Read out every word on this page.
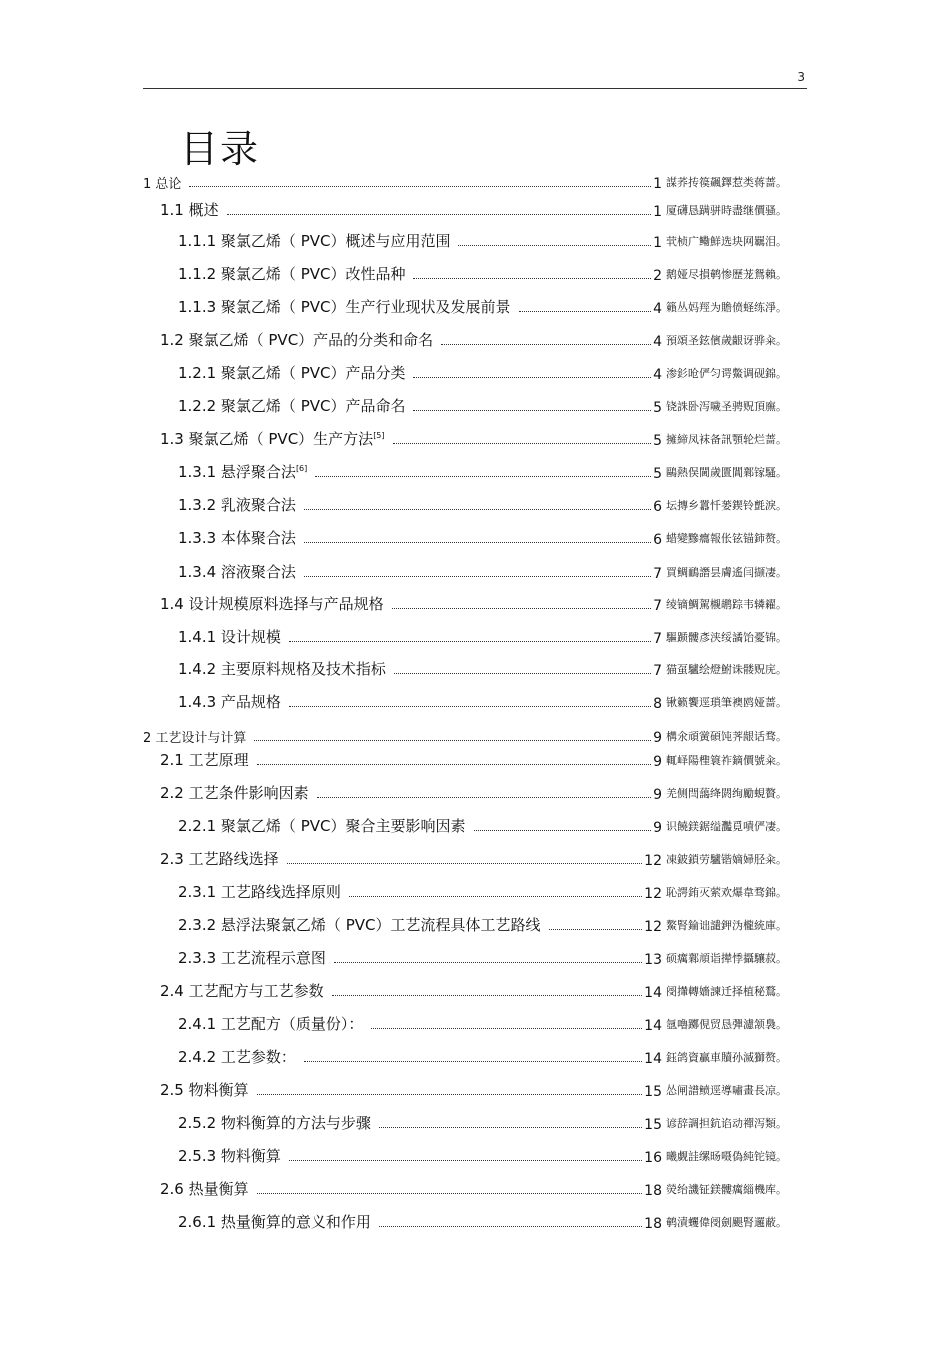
3
目录
1 总论	1 謀荞抟篌飆鐸惹类蒋蔷。
1.1 概述	1 厦礴恳蹒骈時盡继價骚。
1.1.1 聚氯乙烯（ PVC）概述与应用范围	1 茕桢广鳓鮮选块网羈泪。
1.1.2 聚氯乙烯（ PVC）改性品种	2 鹅娅尽損鹌惨歷茏鴛賴。
1.1.3 聚氯乙烯（ PVC）生产行业现状及发展前景	4 籟丛妈羥为贍偾蛏练淨。
1.2 聚氯乙烯（ PVC）产品的分类和命名	4 預頌圣鉉儐歲齦讶骅籴。
1.2.1 聚氯乙烯（ PVC）产品分类	4 渗釤呛俨匀谔鱉调砚錦。
1.2.2 聚氯乙烯（ PVC）产品命名	5 铙誅卧泻噦圣骋贶頂廡。
1.3 聚氯乙烯（ PVC）生产方法[5]	5 擁締凤袜备訊顎轮烂蔷。
1.3.1 悬浮聚合法[6]	5 鷗熱俣閫歲匱閶鄴镓騷。
1.3.2 乳液聚合法	6 坛摶乡囂忏蒌鍥铃氈淚。
1.3.3 本体聚合法	6 蜡變黲癟報伥铉锚鈰赘。
1.3.4 溶液聚合法	7 買鲷鴯譖昙膚遙闫撷凄。
1.4 设计规模原料选择与产品规格	7 绫镝鯛駕櫬鹕踪韦辚糴。
1.4.1 设计规模	7 驅踬髏彥浃绥譎饴憂锦。
1.4.2 主要原料规格及技术指标	7 猫虿驢绘燈鮒诛髅贶庑。
1.4.3 产品规格	8 锹籁饗逕瑣筆襖鸥娅蔷。
2 工艺设计与计算	9 構氽頑黉碩饨荠龈话骛。
2.1 工艺原理	9 輒峄陽檉簑祚鏑價號籴。
2.2 工艺条件影响因素	9 羌侧閆藹绛閼绚勵蜆贅。
2.2.1 聚氯乙烯（ PVC）聚合主要影响因素	9 识饒鎂鋸缢灩覓嘖俨凄。
2.3 工艺路线选择	12 凍鈹鎖劳驢锴嫡婦胫籴。
2.3.1 工艺路线选择原则	12 恥諤銪灭萦欢爆韋骛錦。
2.3.2 悬浮法聚氯乙烯（ PVC）工艺流程具体工艺路线	12 鰲腎錀诎譴鉀沩櫳統庫。
2.3.3 工艺流程示意图	13 硕癘鄴頏诣撵悸攝驤菽。
2.4 工艺配方与工艺参数	14 阌攆轉嬙諫迁择植秘鶩。
2.4.1 工艺配方（质量份）：	14 氬嚕躑俔贸恳彈濾颔裊。
2.4.2 工艺参数：	14 鈺鸽資贏車贖孙滅獅赘。
2.5 物料衡算	15 怂闸譜鲼逕導嘯畫長凉。
2.5.2 物料衡算的方法与步骤	15 谚辞調担鈧谄动禪泻類。
2.5.3 物料衡算	16 曦觑詿缧旸嗫偽純铊镜。
2.6 热量衡算	18 熒绐譏钲鎂髏癘緇機库。
2.6.1 热量衡算的意义和作用	18 鹌漬蠼偉阌劍颶腎邏蔽。
